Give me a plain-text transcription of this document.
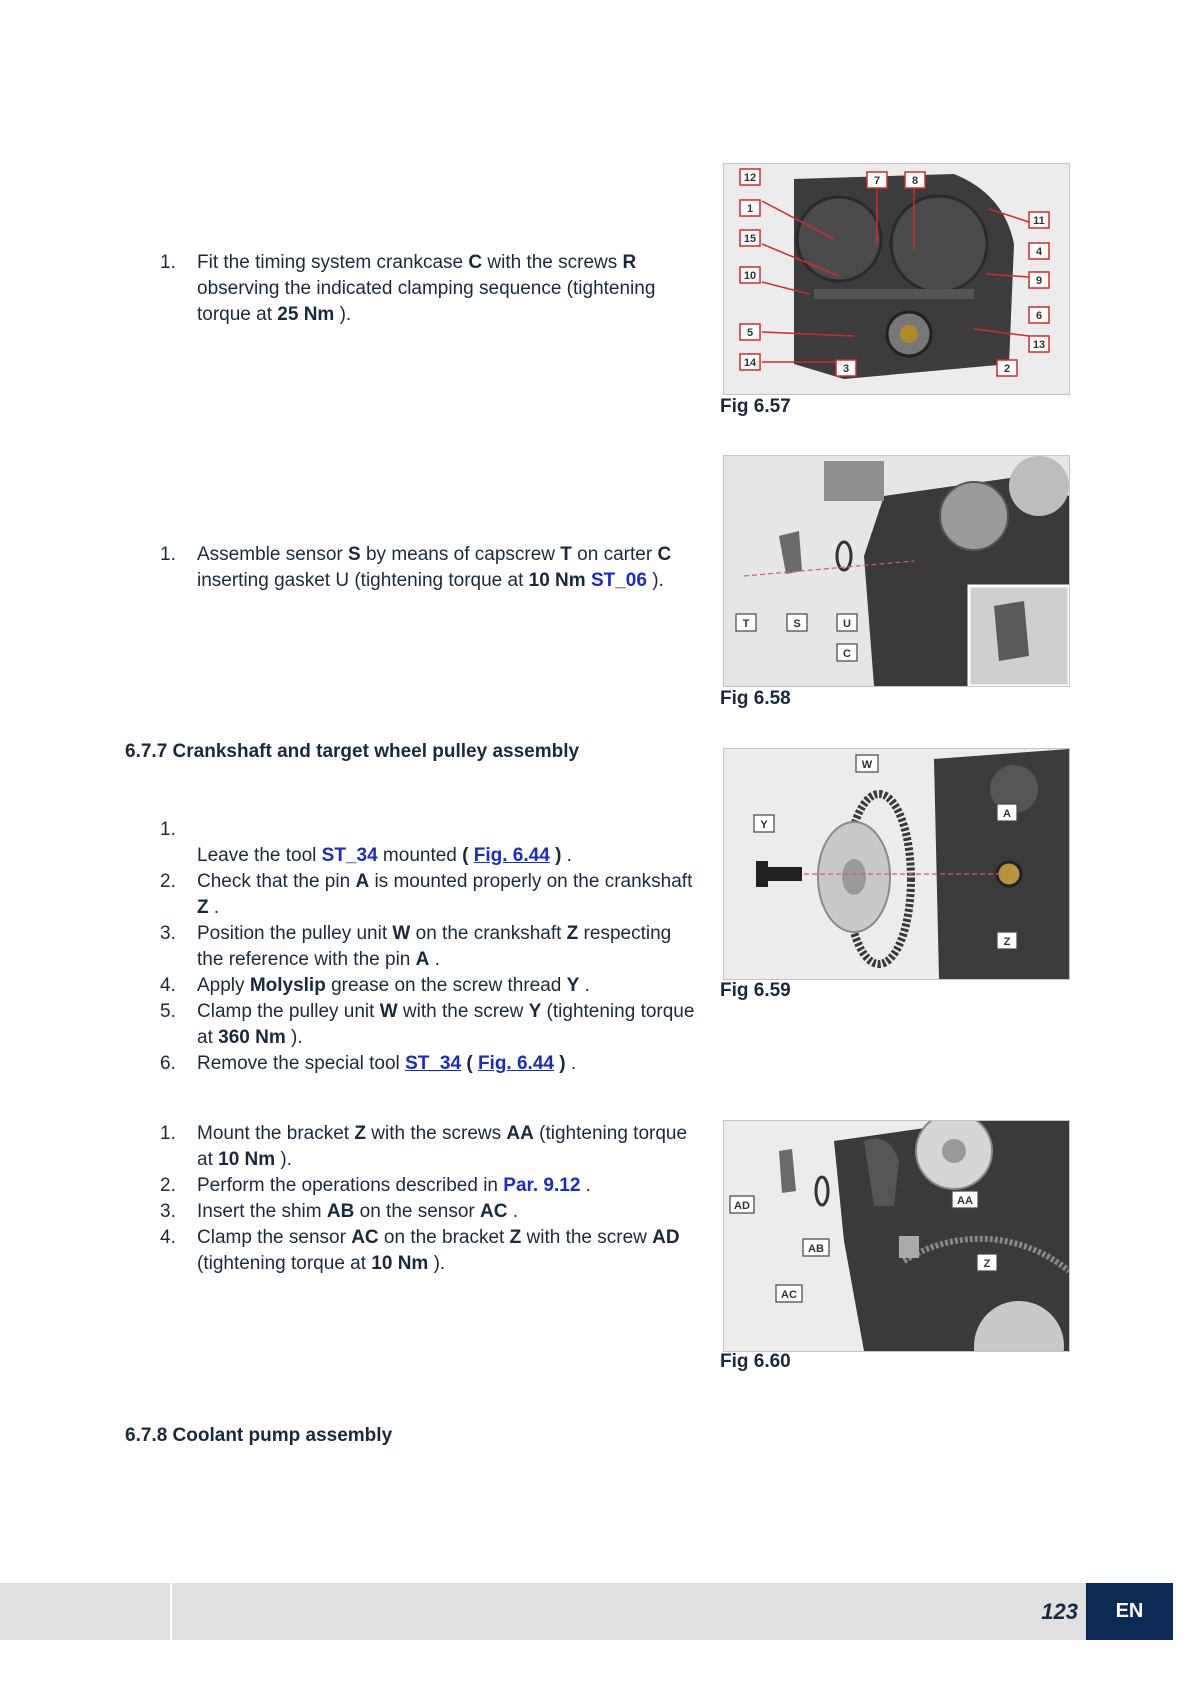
1. Fit the timing system crankcase C with the screws R observing the indicated clamping sequence (tightening torque at 25 Nm ).
12
1
15
10
5
14
7	8
11
4
9
6
13
3	2
Fig 6.57
1. Assemble sensor S by means of capscrew T on carter C inserting gasket U (tightening torque at 10 Nm ST_06 ).
T	S	U
C
Fig 6.58
6.7.7 Crankshaft and target wheel pulley assembly
1.
Leave the tool ST_34 mounted ( Fig. 6.44 ) .
2. Check that the pin A is mounted properly on the crankshaft Z .
3. Position the pulley unit W on the crankshaft Z respecting the reference with the pin A .
4. Apply Molyslip grease on the screw thread Y .
5. Clamp the pulley unit W with the screw Y (tightening torque at 360 Nm ).
6. Remove the special tool ST_34 ( Fig. 6.44 ) .
W
Y
A
Z
Fig 6.59
1. Mount the bracket Z with the screws AA (tightening torque at 10 Nm ).
2. Perform the operations described in Par. 9.12 .
3. Insert the shim AB on the sensor AC .
4. Clamp the sensor AC on the bracket Z with the screw AD (tightening torque at 10 Nm ).
AD	AA
AB
Z
AC
Fig 6.60
6.7.8 Coolant pump assembly
123	EN
